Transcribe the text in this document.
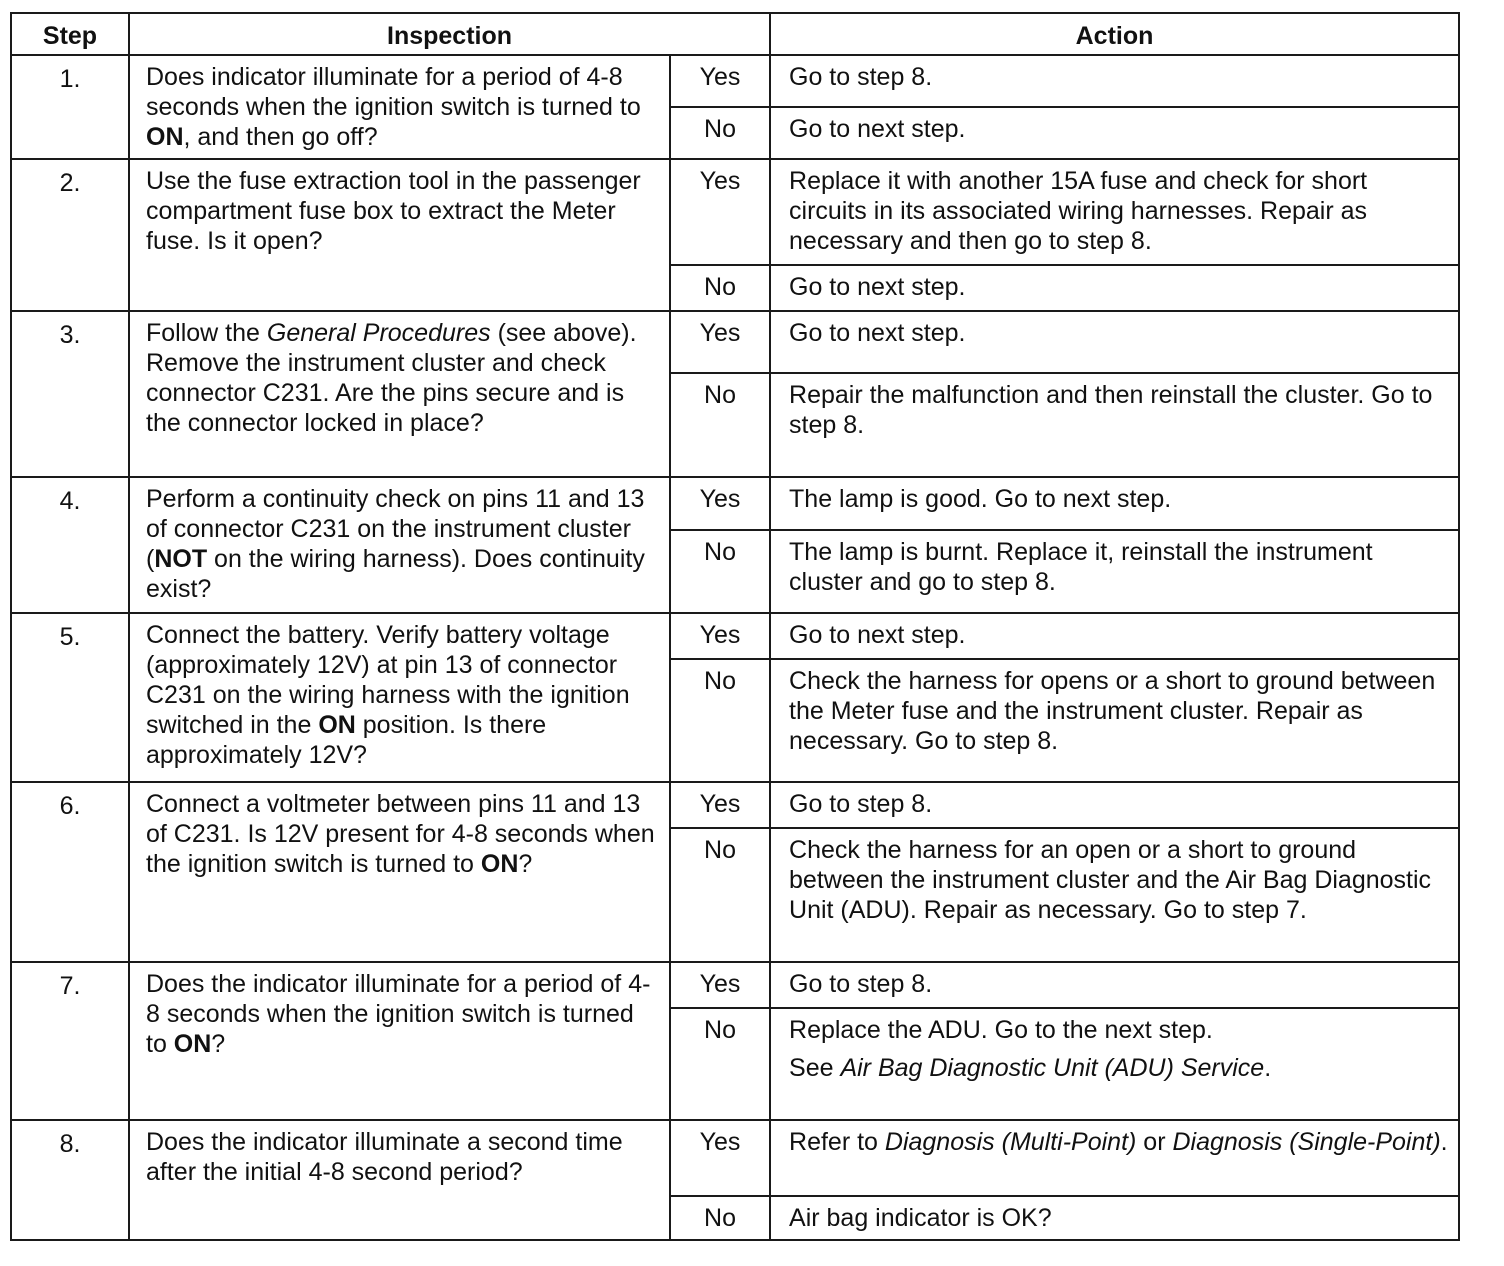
Step	Inspection		Action
1.	Does indicator illuminate for a period of 4-8 seconds when the ignition switch is turned to ON, and then go off?	Yes	Go to step 8.
		No	Go to next step.
2.	Use the fuse extraction tool in the passenger compartment fuse box to extract the Meter fuse. Is it open?	Yes	Replace it with another 15A fuse and check for short circuits in its associated wiring harnesses. Repair as necessary and then go to step 8.
		No	Go to next step.
3.	Follow the General Procedures (see above). Remove the instrument cluster and check connector C231. Are the pins secure and is the connector locked in place?	Yes	Go to next step.
		No	Repair the malfunction and then reinstall the cluster. Go to step 8.
4.	Perform a continuity check on pins 11 and 13 of connector C231 on the instrument cluster (NOT on the wiring harness). Does continuity exist?	Yes	The lamp is good. Go to next step.
		No	The lamp is burnt. Replace it, reinstall the instrument cluster and go to step 8.
5.	Connect the battery. Verify battery voltage (approximately 12V) at pin 13 of connector C231 on the wiring harness with the ignition switched in the ON position. Is there approximately 12V?	Yes	Go to next step.
		No	Check the harness for opens or a short to ground between the Meter fuse and the instrument cluster. Repair as necessary. Go to step 8.
6.	Connect a voltmeter between pins 11 and 13 of C231. Is 12V present for 4-8 seconds when the ignition switch is turned to ON?	Yes	Go to step 8.
		No	Check the harness for an open or a short to ground between the instrument cluster and the Air Bag Diagnostic Unit (ADU). Repair as necessary. Go to step 7.
7.	Does the indicator illuminate for a period of 4-8 seconds when the ignition switch is turned to ON?	Yes	Go to step 8.
		No	Replace the ADU. Go to the next step.
See Air Bag Diagnostic Unit (ADU) Service.

8.	Does the indicator illuminate a second time after the initial 4-8 second period?	Yes	Refer to Diagnosis (Multi-Point) or Diagnosis (Single-Point).
		No	Air bag indicator is OK?
